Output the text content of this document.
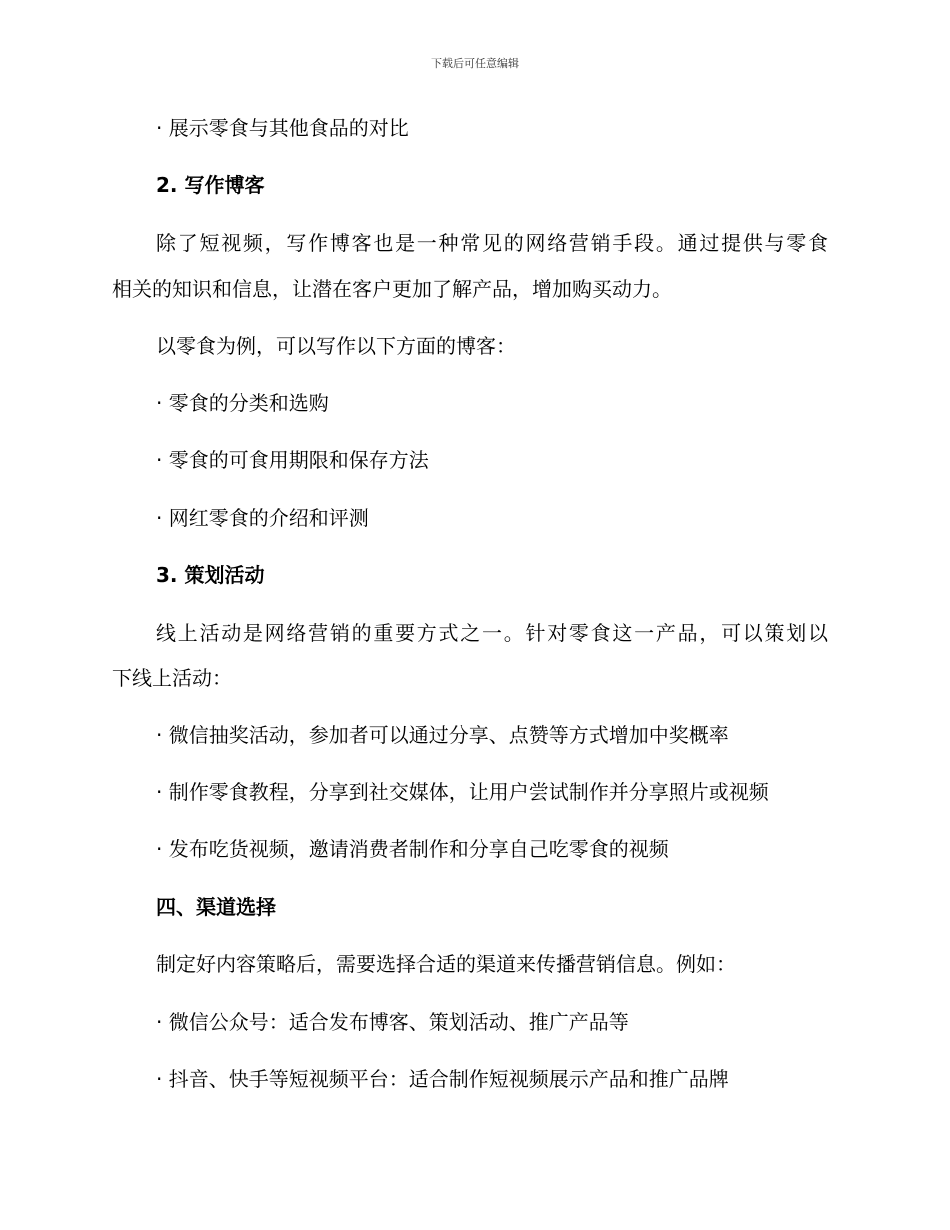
下载后可任意编辑
· 展示零食与其他食品的对比
2. 写作博客
除了短视频，写作博客也是一种常见的网络营销手段。通过提供与零食
相关的知识和信息，让潜在客户更加了解产品，增加购买动力。
以零食为例，可以写作以下方面的博客：
· 零食的分类和选购
· 零食的可食用期限和保存方法
· 网红零食的介绍和评测
3. 策划活动
线上活动是网络营销的重要方式之一。针对零食这一产品，可以策划以
下线上活动：
· 微信抽奖活动，参加者可以通过分享、点赞等方式增加中奖概率
· 制作零食教程，分享到社交媒体，让用户尝试制作并分享照片或视频
· 发布吃货视频，邀请消费者制作和分享自己吃零食的视频
四、渠道选择
制定好内容策略后，需要选择合适的渠道来传播营销信息。例如：
· 微信公众号：适合发布博客、策划活动、推广产品等
· 抖音、快手等短视频平台：适合制作短视频展示产品和推广品牌
